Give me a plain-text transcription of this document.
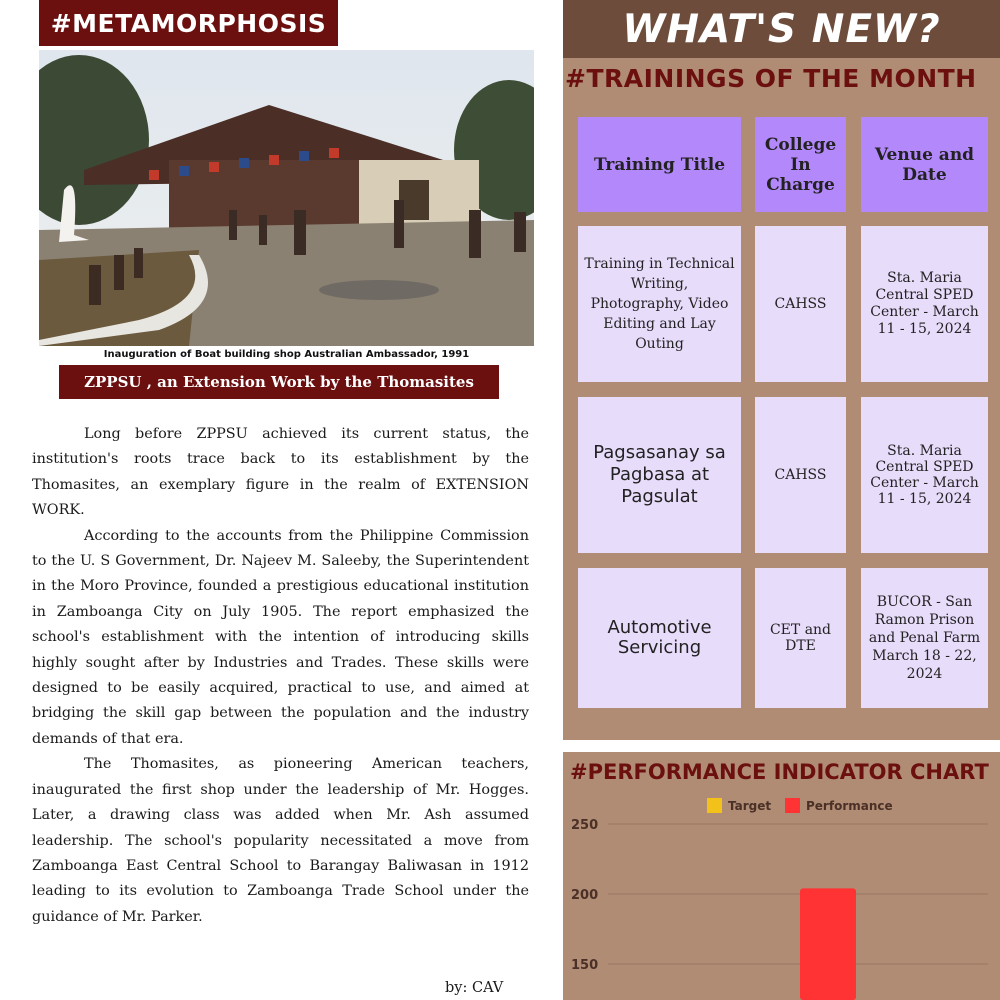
#METAMORPHOSIS
Inauguration of Boat building shop Australian Ambassador, 1991
ZPPSU , an Extension Work by the Thomasites

Long before ZPPSU achieved its current status, the institution's roots trace back to its establishment by the Thomasites, an exemplary figure in the realm of EXTENSION WORK.

According to the accounts from the Philippine Commission to the U. S Government, Dr. Najeev M. Saleeby, the Superintendent in the Moro Province, founded a prestigious educational institution in Zamboanga City on July 1905. The report emphasized the school's establishment with the intention of introducing skills highly sought after by Industries and Trades. These skills were designed to be easily acquired, practical to use, and aimed at bridging the skill gap between the population and the industry demands of that era.

The Thomasites, as pioneering American teachers, inaugurated the first shop under the leadership of Mr. Hogges. Later, a drawing class was added when Mr. Ash assumed leadership. The school's popularity necessitated a move from Zamboanga East Central School to Barangay Baliwasan in 1912 leading to its evolution to Zamboanga Trade School under the guidance of Mr. Parker.

by: CAV
WHAT'S NEW?
#TRAININGS OF THE MONTH
Training Title
College In Charge
Venue and Date
Training in Technical Writing, Photography, Video Editing and Lay Outing
CAHSS
Sta. Maria Central SPED Center - March 11 - 15, 2024
Pagsasanay sa Pagbasa at Pagsulat
CAHSS
Sta. Maria Central SPED Center - March 11 - 15, 2024
Automotive Servicing
CET and DTE
BUCOR - San Ramon Prison and Penal Farm March 18 - 22, 2024
#PERFORMANCE INDICATOR CHART
Target	Performance
250
200
150
